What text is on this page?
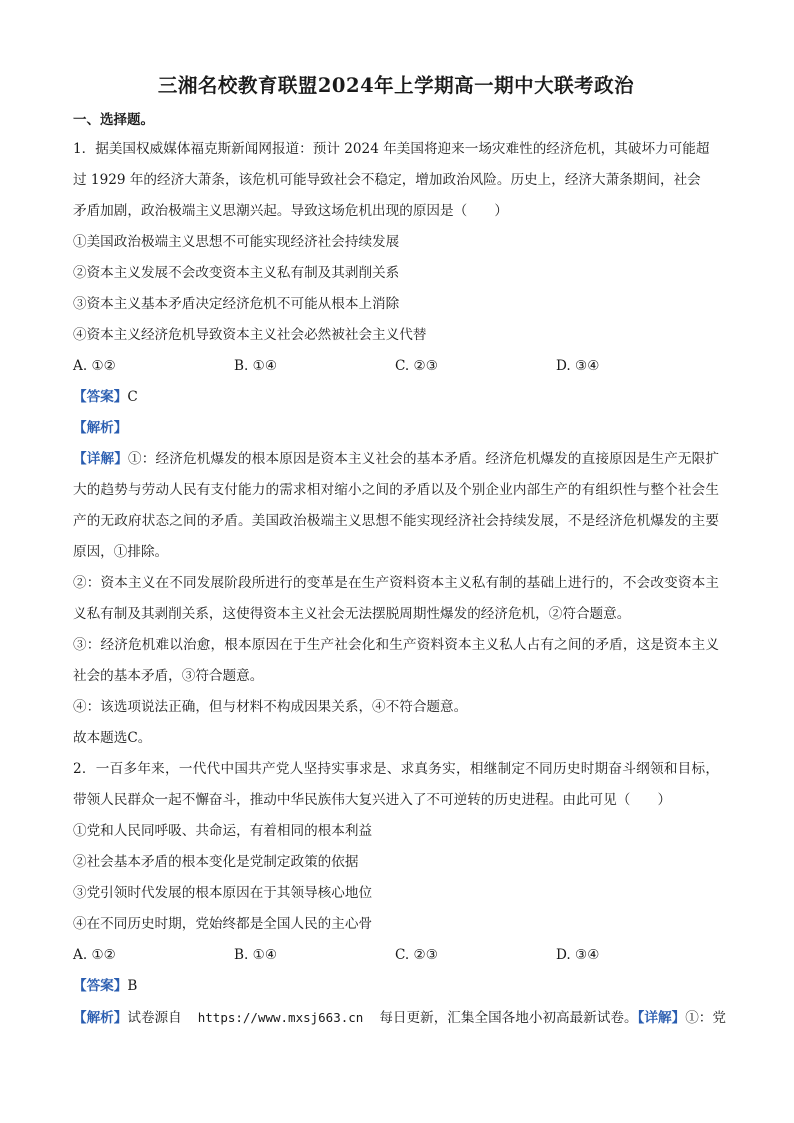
三湘名校教育联盟2024年上学期高一期中大联考政治
一、选择题。

1．据美国权威媒体福克斯新闻网报道：预计 2024 年美国将迎来一场灾难性的经济危机，其破坏力可能超

过 1929 年的经济大萧条，该危机可能导致社会不稳定，增加政治风险。历史上，经济大萧条期间，社会

矛盾加剧，政治极端主义思潮兴起。导致这场危机出现的原因是（　　）

①美国政治极端主义思想不可能实现经济社会持续发展

②资本主义发展不会改变资本主义私有制及其剥削关系

③资本主义基本矛盾决定经济危机不可能从根本上消除

④资本主义经济危机导致资本主义社会必然被社会主义代替

A. ①②	B. ①④	C. ②③	D. ③④
【答案】C
【解析】

【详解】①：经济危机爆发的根本原因是资本主义社会的基本矛盾。经济危机爆发的直接原因是生产无限扩大的趋势与劳动人民有支付能力的需求相对缩小之间的矛盾以及个别企业内部生产的有组织性与整个社会生产的无政府状态之间的矛盾。美国政治极端主义思想不能实现经济社会持续发展，不是经济危机爆发的主要原因，①排除。

②：资本主义在不同发展阶段所进行的变革是在生产资料资本主义私有制的基础上进行的，不会改变资本主义私有制及其剥削关系，这使得资本主义社会无法摆脱周期性爆发的经济危机，②符合题意。

③：经济危机难以治愈，根本原因在于生产社会化和生产资料资本主义私人占有之间的矛盾，这是资本主义社会的基本矛盾，③符合题意。

④：该选项说法正确，但与材料不构成因果关系，④不符合题意。

故本题选C。

2．一百多年来，一代代中国共产党人坚持实事求是、求真务实，相继制定不同历史时期奋斗纲领和目标，带领人民群众一起不懈奋斗，推动中华民族伟大复兴进入了不可逆转的历史进程。由此可见（　　）

①党和人民同呼吸、共命运，有着相同的根本利益

②社会基本矛盾的根本变化是党制定政策的依据

③党引领时代发展的根本原因在于其领导核心地位

④在不同历史时期，党始终都是全国人民的主心骨

A. ①②	B. ①④	C. ②③	D. ③④
【答案】B

【解析】试卷源自 https://www.mxsj663.cn 每日更新，汇集全国各地小初高最新试卷。【详解】①：党
